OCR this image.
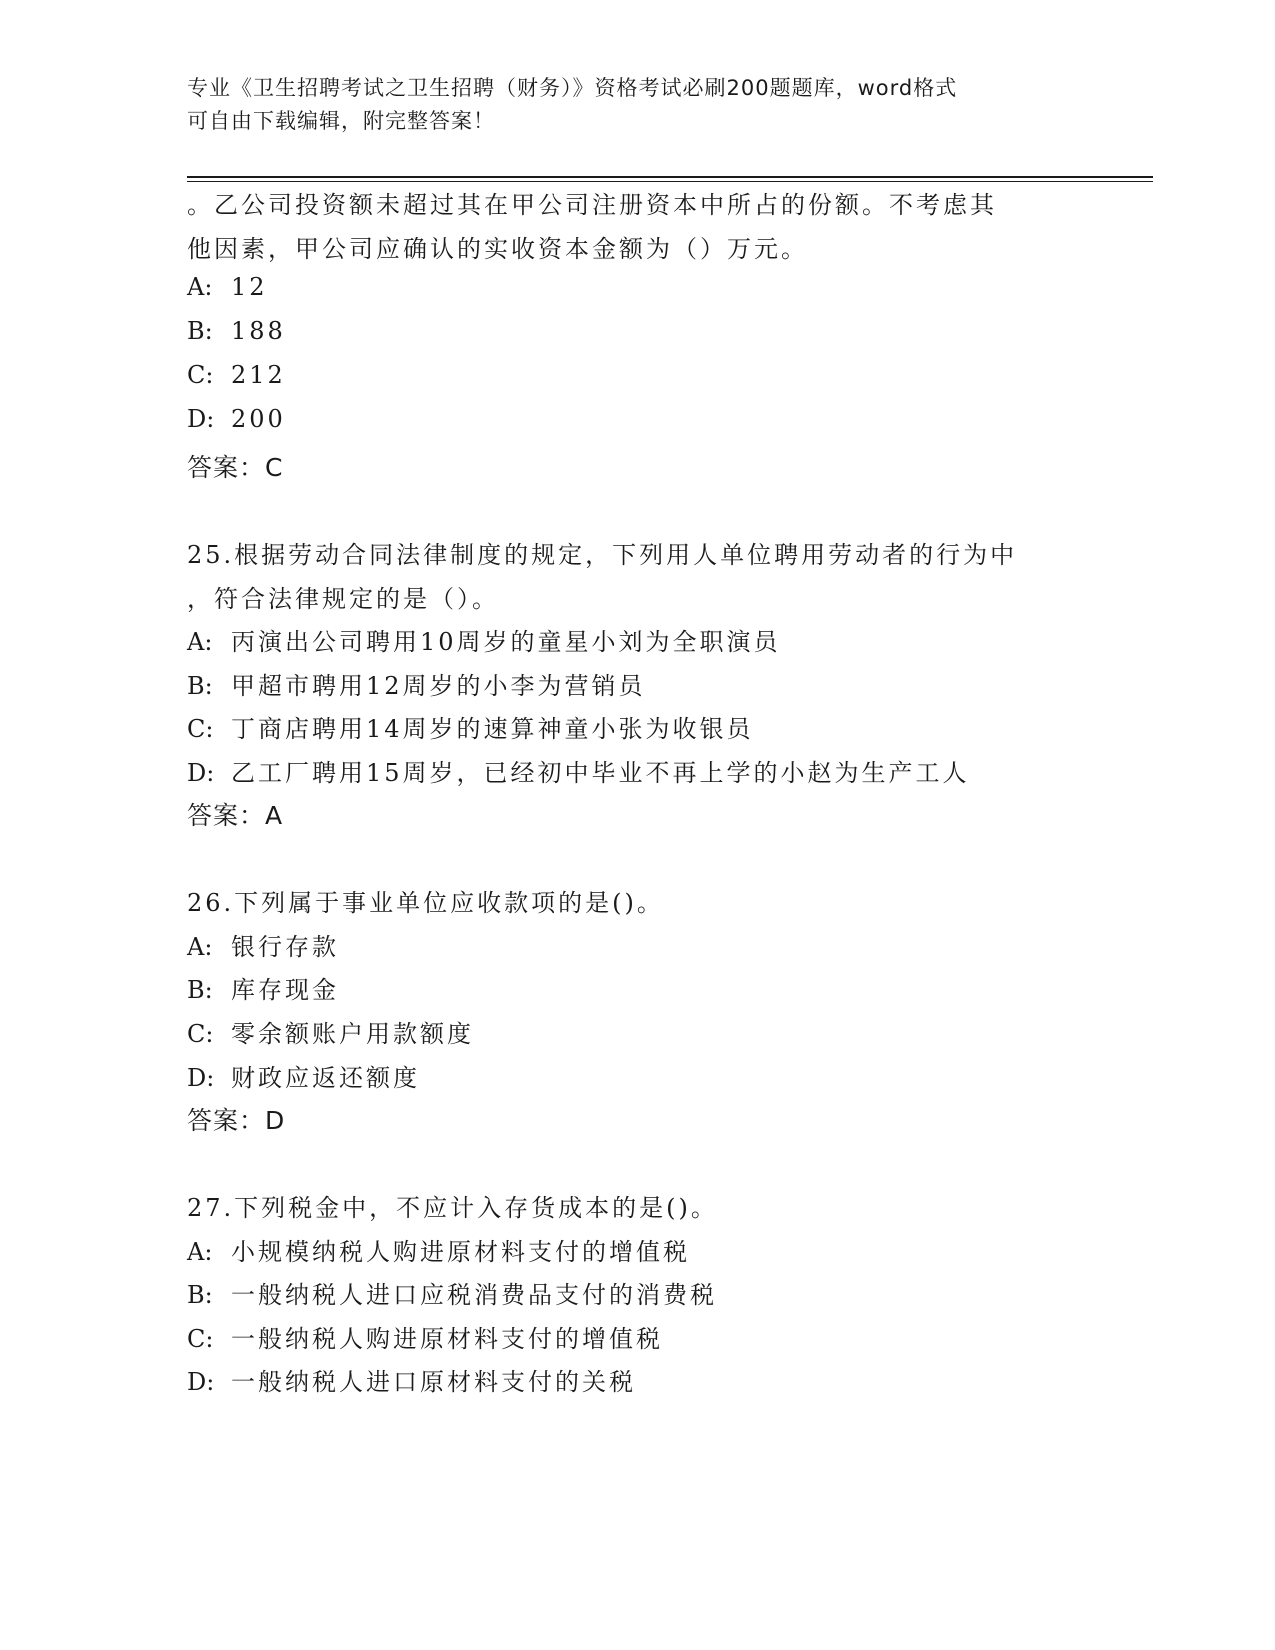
专业《卫生招聘考试之卫生招聘（财务）》资格考试必刷200题题库，word格式
可自由下载编辑，附完整答案！
。乙公司投资额未超过其在甲公司注册资本中所占的份额。不考虑其
他因素，甲公司应确认的实收资本金额为（）万元。
A: 12
B: 188
C: 212
D: 200
答案：C
25.根据劳动合同法律制度的规定，下列用人单位聘用劳动者的行为中
，符合法律规定的是（）。
A: 丙演出公司聘用10周岁的童星小刘为全职演员
B: 甲超市聘用12周岁的小李为营销员
C: 丁商店聘用14周岁的速算神童小张为收银员
D: 乙工厂聘用15周岁，已经初中毕业不再上学的小赵为生产工人
答案：A
26.下列属于事业单位应收款项的是()。
A: 银行存款
B: 库存现金
C: 零余额账户用款额度
D: 财政应返还额度
答案：D
27.下列税金中，不应计入存货成本的是()。
A: 小规模纳税人购进原材料支付的增值税
B: 一般纳税人进口应税消费品支付的消费税
C: 一般纳税人购进原材料支付的增值税
D: 一般纳税人进口原材料支付的关税
